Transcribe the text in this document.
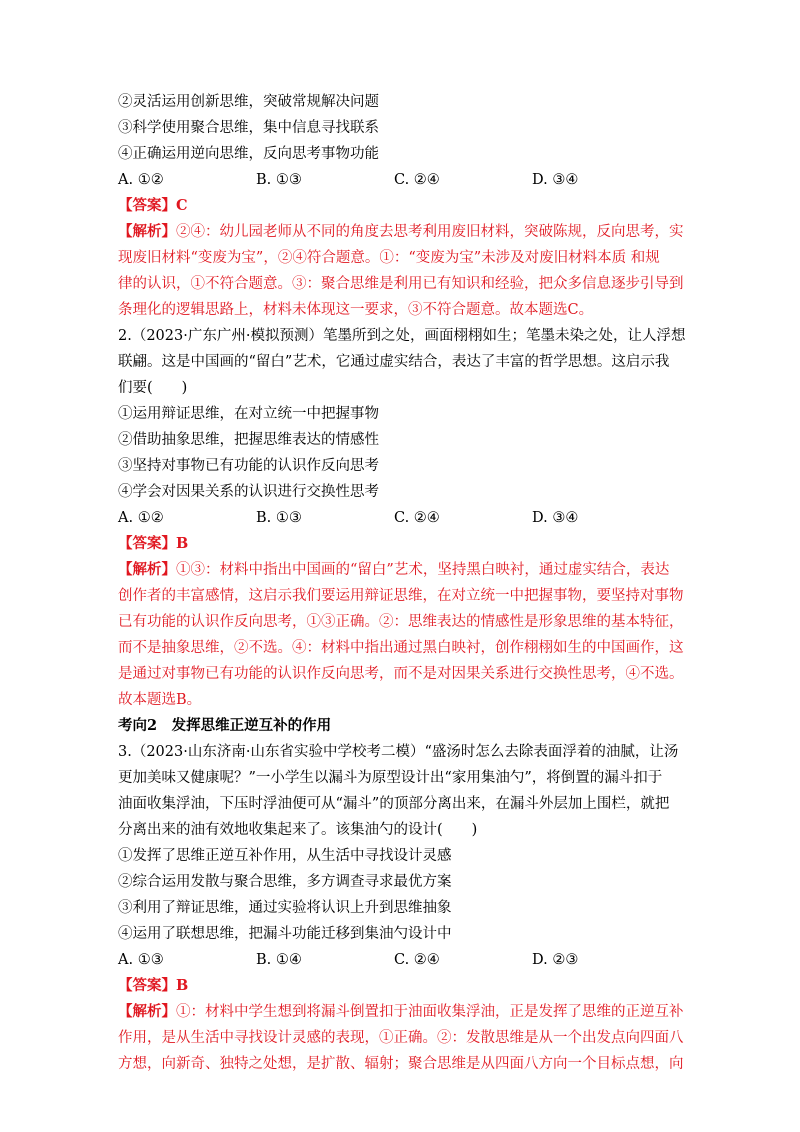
②灵活运用创新思维，突破常规解决问题
③科学使用聚合思维，集中信息寻找联系
④正确运用逆向思维，反向思考事物功能
A. ①②	B. ①③	C. ②④	D. ③④
【答案】C
【解析】②④：幼儿园老师从不同的角度去思考利用废旧材料，突破陈规，反向思考，实
现废旧材料“变废为宝”，②④符合题意。①：“变废为宝”未涉及对废旧材料本质 和规
律的认识，①不符合题意。③：聚合思维是利用已有知识和经验，把众多信息逐步引导到
条理化的逻辑思路上，材料未体现这一要求，③不符合题意。故本题选C。
2.（2023·广东广州·模拟预测）笔墨所到之处，画面栩栩如生；笔墨未染之处，让人浮想
联翩。这是中国画的“留白”艺术，它通过虚实结合，表达了丰富的哲学思想。这启示我
们要(　　)
①运用辩证思维，在对立统一中把握事物
②借助抽象思维，把握思维表达的情感性
③坚持对事物已有功能的认识作反向思考
④学会对因果关系的认识进行交换性思考
A. ①②	B. ①③	C. ②④	D. ③④
【答案】B
【解析】①③：材料中指出中国画的“留白”艺术，坚持黑白映衬，通过虚实结合，表达
创作者的丰富感情，这启示我们要运用辩证思维，在对立统一中把握事物，要坚持对事物
已有功能的认识作反向思考，①③正确。②：思维表达的情感性是形象思维的基本特征，
而不是抽象思维，②不选。④：材料中指出通过黑白映衬，创作栩栩如生的中国画作，这
是通过对事物已有功能的认识作反向思考，而不是对因果关系进行交换性思考，④不选。
故本题选B。
考向2　发挥思维正逆互补的作用
3.（2023·山东济南·山东省实验中学校考二模）“盛汤时怎么去除表面浮着的油腻，让汤
更加美味又健康呢？”一小学生以漏斗为原型设计出“家用集油勺”，将倒置的漏斗扣于
油面收集浮油，下压时浮油便可从“漏斗”的顶部分离出来，在漏斗外层加上围栏，就把
分离出来的油有效地收集起来了。该集油勺的设计(　　)
①发挥了思维正逆互补作用，从生活中寻找设计灵感
②综合运用发散与聚合思维，多方调查寻求最优方案
③利用了辩证思维，通过实验将认识上升到思维抽象
④运用了联想思维，把漏斗功能迁移到集油勺设计中
A. ①③	B. ①④	C. ②④	D. ②③
【答案】B
【解析】①：材料中学生想到将漏斗倒置扣于油面收集浮油，正是发挥了思维的正逆互补
作用，是从生活中寻找设计灵感的表现，①正确。②：发散思维是从一个出发点向四面八
方想，向新奇、独特之处想，是扩散、辐射；聚合思维是从四面八方向一个目标点想，向
